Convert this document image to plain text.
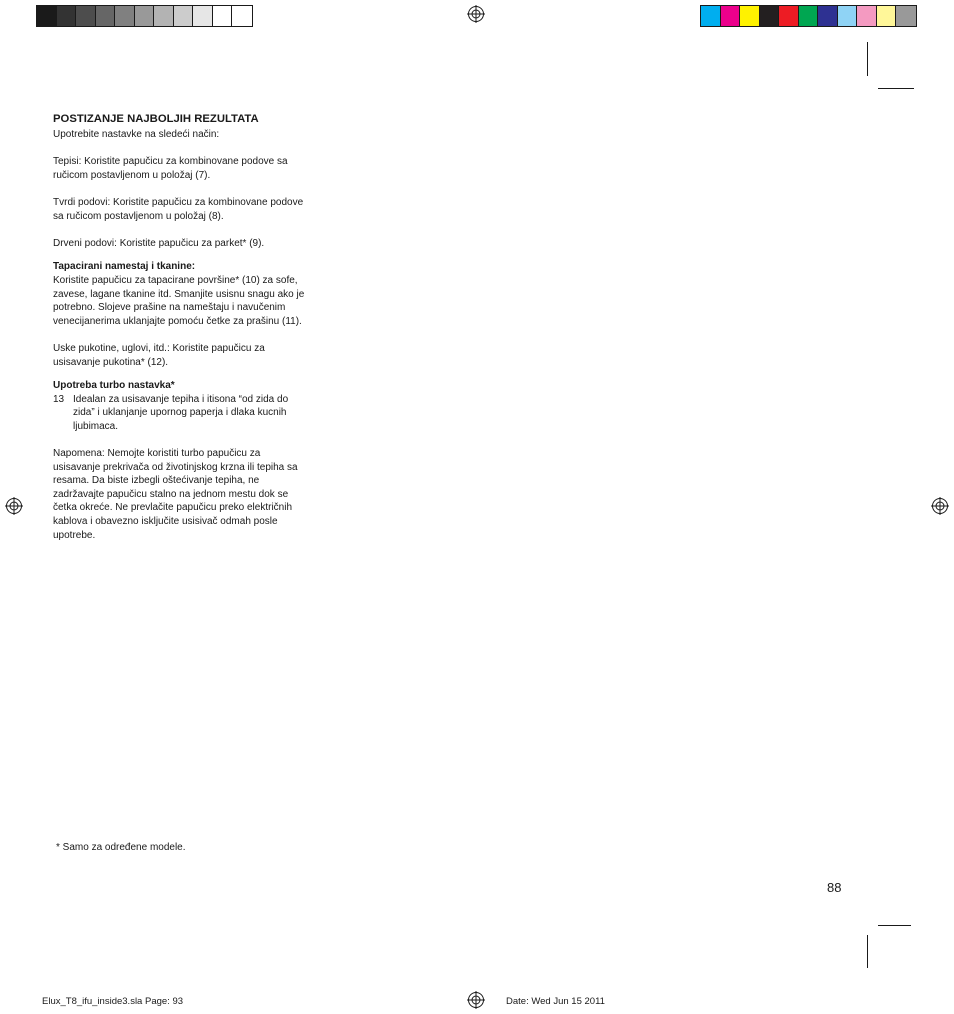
POSTIZANJE NAJBOLJIH REZULTATA

Upotrebite nastavke na sledeći način:

Tepisi: Koristite papučicu za kombinovane podove sa ručicom postavljenom u položaj (7).

Tvrdi podovi: Koristite papučicu za kombinovane podove sa ručicom postavljenom u položaj (8).

Drveni podovi: Koristite papučicu za parket* (9).

Tapacirani namestaj i tkanine:

Koristite papučicu za tapacirane površine* (10) za sofe, zavese, lagane tkanine itd. Smanjite usisnu snagu ako je potrebno. Slojeve prašine na nameštaju i navučenim venecijanerima uklanjajte pomoću četke za prašinu (11).

Uske pukotine, uglovi, itd.: Koristite papučicu za usisavanje pukotina* (12).

Upotreba turbo nastavka*

13 Idealan za usisavanje tepiha i itisona “od zida do zida” i uklanjanje upornog paperja i dlaka kucnih ljubimaca.

Napomena: Nemojte koristiti turbo papučicu za usisavanje prekrivača od životinjskog krzna ili tepiha sa resama. Da biste izbegli oštećivanje tepiha, ne zadržavajte papučicu stalno na jednom mestu dok se četka okreće. Ne prevlačite papučicu preko električnih kablova i obavezno isključite usisivač odmah posle upotrebe.

* Samo za određene modele.
88
Elux_T8_ifu_inside3.sla Page: 93	Date: Wed Jun 15 2011
